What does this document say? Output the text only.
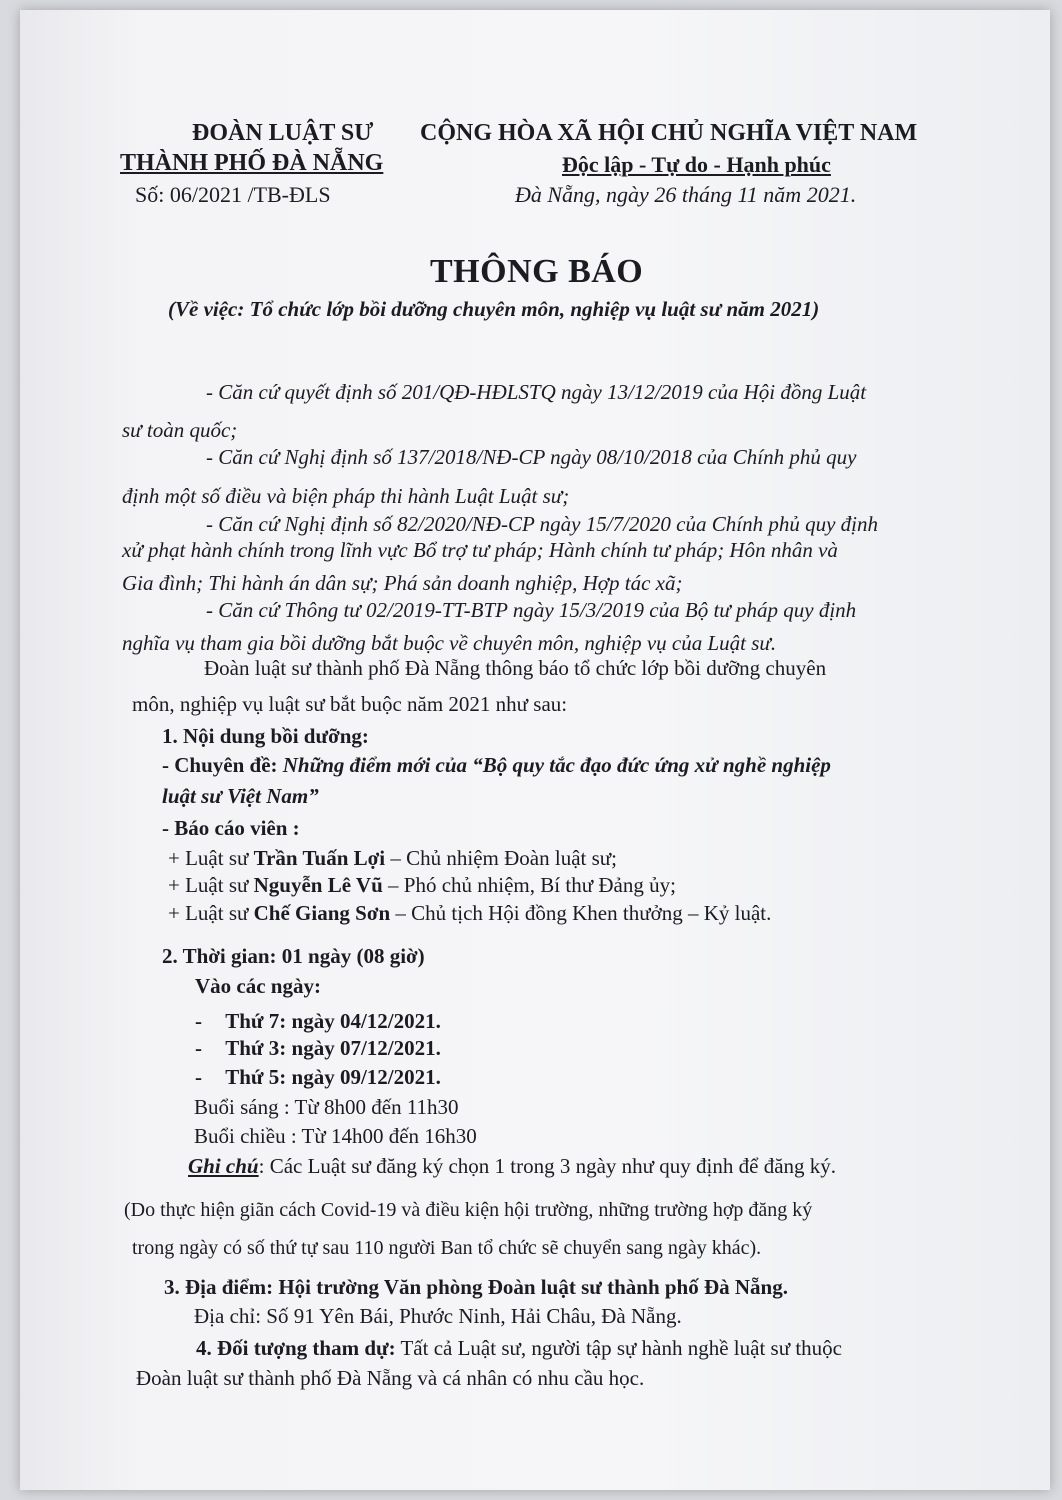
ĐOÀN LUẬT SƯ
THÀNH PHỐ ĐÀ NẴNG
Số: 06/2021 /TB-ĐLS
CỘNG HÒA XÃ HỘI CHỦ NGHĨA VIỆT NAM
Độc lập - Tự do - Hạnh phúc
Đà Nẵng, ngày 26 tháng 11 năm 2021.
THÔNG BÁO
(Về việc: Tổ chức lớp bồi dưỡng chuyên môn, nghiệp vụ luật sư năm 2021)
- Căn cứ quyết định số 201/QĐ-HĐLSTQ ngày 13/12/2019 của Hội đồng Luật
sư toàn quốc;
- Căn cứ Nghị định số 137/2018/NĐ-CP ngày 08/10/2018 của Chính phủ quy
định một số điều và biện pháp thi hành Luật Luật sư;
- Căn cứ Nghị định số 82/2020/NĐ-CP ngày 15/7/2020 của Chính phủ quy định
xử phạt hành chính trong lĩnh vực Bổ trợ tư pháp; Hành chính tư pháp; Hôn nhân và
Gia đình; Thi hành án dân sự; Phá sản doanh nghiệp, Hợp tác xã;
- Căn cứ Thông tư 02/2019-TT-BTP ngày 15/3/2019 của Bộ tư pháp quy định
nghĩa vụ tham gia bồi dưỡng bắt buộc về chuyên môn, nghiệp vụ của Luật sư.
Đoàn luật sư thành phố Đà Nẵng thông báo tổ chức lớp bồi dưỡng chuyên
môn, nghiệp vụ luật sư bắt buộc năm 2021 như sau:
1. Nội dung bồi dưỡng:
- Chuyên đề: Những điểm mới của “Bộ quy tắc đạo đức ứng xử nghề nghiệp
luật sư Việt Nam”
- Báo cáo viên :
+ Luật sư Trần Tuấn Lợi – Chủ nhiệm Đoàn luật sư;
+ Luật sư Nguyễn Lê Vũ – Phó chủ nhiệm, Bí thư Đảng ủy;
+ Luật sư Chế Giang Sơn – Chủ tịch Hội đồng Khen thưởng – Kỷ luật.
2. Thời gian: 01 ngày (08 giờ)
Vào các ngày:
- Thứ 7: ngày 04/12/2021.
- Thứ 3: ngày 07/12/2021.
- Thứ 5: ngày 09/12/2021.
Buổi sáng : Từ 8h00 đến 11h30
Buổi chiều : Từ 14h00 đến 16h30
Ghi chú: Các Luật sư đăng ký chọn 1 trong 3 ngày như quy định để đăng ký.
(Do thực hiện giãn cách Covid-19 và điều kiện hội trường, những trường hợp đăng ký
trong ngày có số thứ tự sau 110 người Ban tổ chức sẽ chuyển sang ngày khác).
3. Địa điểm: Hội trường Văn phòng Đoàn luật sư thành phố Đà Nẵng.
Địa chỉ: Số 91 Yên Bái, Phước Ninh, Hải Châu, Đà Nẵng.
4. Đối tượng tham dự: Tất cả Luật sư, người tập sự hành nghề luật sư thuộc
Đoàn luật sư thành phố Đà Nẵng và cá nhân có nhu cầu học.
